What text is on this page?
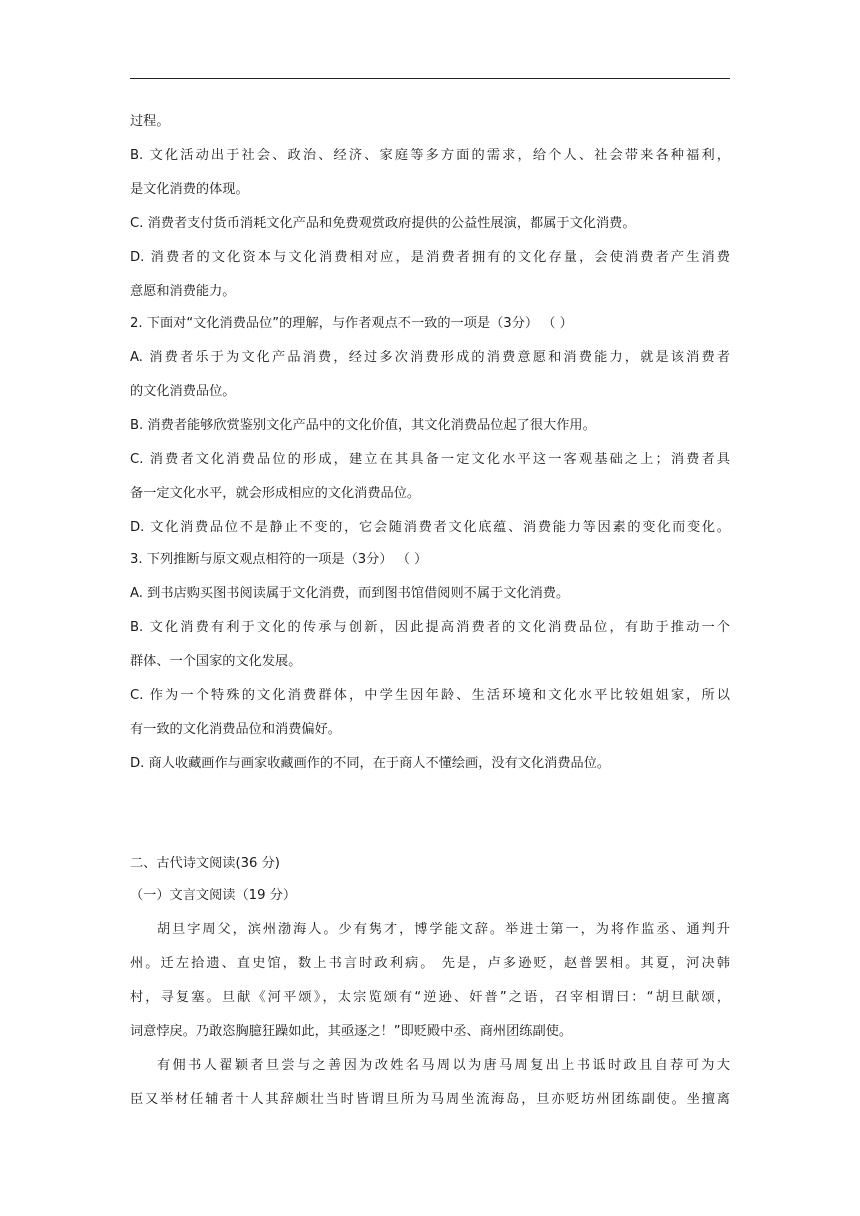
过程。
B. 文化活动出于社会、政治、经济、家庭等多方面的需求，给个人、社会带来各种福利，
是文化消费的体现。
C. 消费者支付货币消耗文化产品和免费观赏政府提供的公益性展演，都属于文化消费。
D. 消费者的文化资本与文化消费相对应，是消费者拥有的文化存量，会使消费者产生消费
意愿和消费能力。
2. 下面对“文化消费品位”的理解，与作者观点不一致的一项是（3分） （ ）
A. 消费者乐于为文化产品消费，经过多次消费形成的消费意愿和消费能力，就是该消费者
的文化消费品位。
B. 消费者能够欣赏鉴别文化产品中的文化价值，其文化消费品位起了很大作用。
C. 消费者文化消费品位的形成，建立在其具备一定文化水平这一客观基础之上；消费者具
备一定文化水平，就会形成相应的文化消费品位。
D. 文化消费品位不是静止不变的，它会随消费者文化底蕴、消费能力等因素的变化而变化。
3. 下列推断与原文观点相符的一项是（3分） （ ）
A. 到书店购买图书阅读属于文化消费，而到图书馆借阅则不属于文化消费。
B. 文化消费有利于文化的传承与创新，因此提高消费者的文化消费品位，有助于推动一个
群体、一个国家的文化发展。
C. 作为一个特殊的文化消费群体，中学生因年龄、生活环境和文化水平比较姐姐家，所以
有一致的文化消费品位和消费偏好。
D. 商人收藏画作与画家收藏画作的不同，在于商人不懂绘画，没有文化消费品位。
二、古代诗文阅读(36 分)
（一）文言文阅读（19 分）
胡旦字周父，滨州渤海人。少有隽才，博学能文辞。举进士第一，为将作监丞、通判升
州。迁左拾遗、直史馆，数上书言时政利病。 先是，卢多逊贬，赵普罢相。其夏，河决韩
村，寻复塞。旦献《河平颂》，太宗览颂有“逆逊、奸普”之语，召宰相谓曰：“胡旦献颂，
词意悖戾。乃敢恣胸臆狂躁如此，其亟逐之！”即贬殿中丞、商州团练副使。
有佣书人翟颖者旦尝与之善因为改姓名马周以为唐马周复出上书诋时政且自荐可为大
臣又举材任辅者十人其辞颇壮当时皆谓旦所为马周坐流海岛，旦亦贬坊州团练副使。坐擅离
